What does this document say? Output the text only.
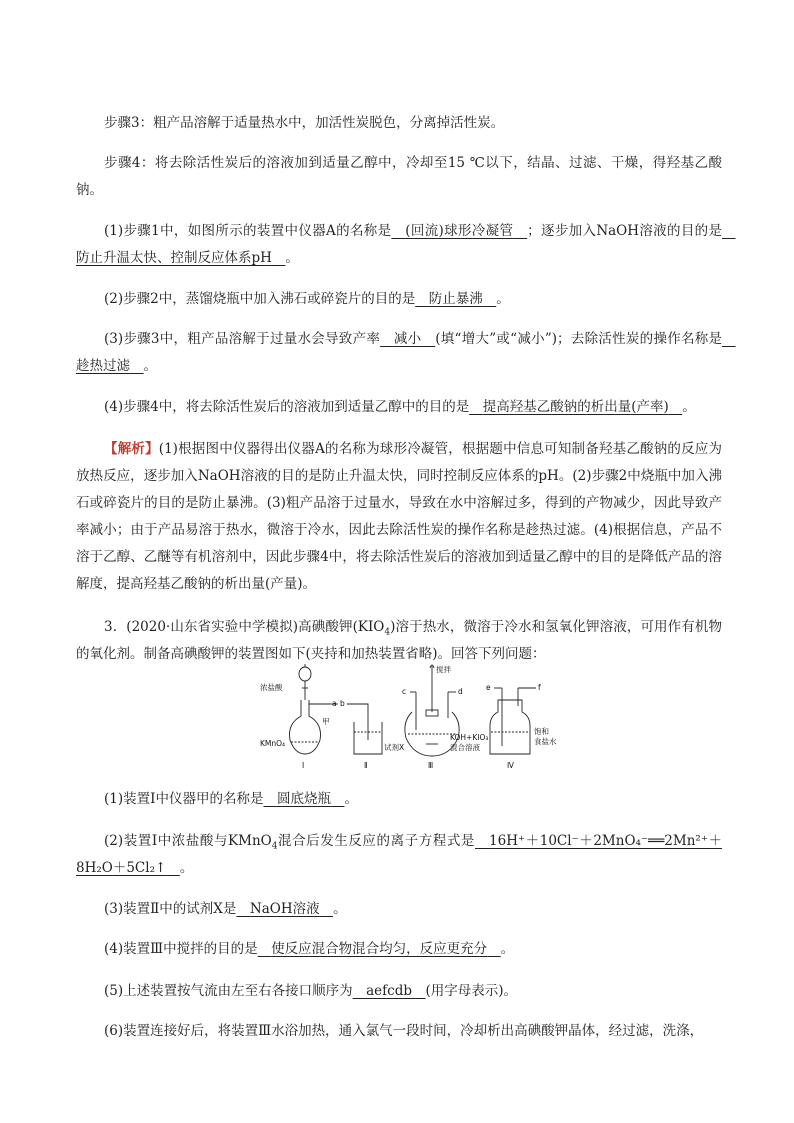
步骤3：粗产品溶解于适量热水中，加活性炭脱色，分离掉活性炭。

步骤4：将去除活性炭后的溶液加到适量乙醇中，冷却至15 ℃以下，结晶、过滤、干燥，得羟基乙酸钠。

(1)步骤1中，如图所示的装置中仪器A的名称是　 (回流)球形冷凝管　 ；逐步加入NaOH溶液的目的是　防止升温太快、控制反应体系pH　 。

(2)步骤2中，蒸馏烧瓶中加入沸石或碎瓷片的目的是　 防止暴沸　 。

(3)步骤3中，粗产品溶解于过量水会导致产率　 减小　 (填“增大”或“减小”)；去除活性炭的操作名称是　趁热过滤　 。

(4)步骤4中，将去除活性炭后的溶液加到适量乙醇中的目的是　 提高羟基乙酸钠的析出量(产率)　 。

【解析】(1)根据图中仪器得出仪器A的名称为球形冷凝管，根据题中信息可知制备羟基乙酸钠的反应为放热反应，逐步加入NaOH溶液的目的是防止升温太快，同时控制反应体系的pH。(2)步骤2中烧瓶中加入沸石或碎瓷片的目的是防止暴沸。(3)粗产品溶于过量水，导致在水中溶解过多，得到的产物减少，因此导致产率减小；由于产品易溶于热水，微溶于冷水，因此去除活性炭的操作名称是趁热过滤。(4)根据信息，产品不溶于乙醇、乙醚等有机溶剂中，因此步骤4中，将去除活性炭后的溶液加到适量乙醇中的目的是降低产品的溶解度，提高羟基乙酸钠的析出量(产量)。

3．(2020·山东省实验中学模拟)高碘酸钾$(KIO_4)$溶于热水，微溶于冷水和氢氧化钾溶液，可用作有机物的氧化剂。制备高碘酸钾的装置图如下(夹持和加热装置省略)。回答下列问题：

浓盐酸
KMnO₄
甲
a b
试剂X
c	d
搅拌
KOH+KIO₃
混合溶液
e	f
饱和
食盐水
Ⅰ	Ⅱ	Ⅲ	Ⅳ

(1)装置Ⅰ中仪器甲的名称是　 圆底烧瓶　 。

(2)装置Ⅰ中浓盐酸与KMnO$_4$混合后发生反应的离子方程式是　 16H⁺＋10Cl⁻＋2MnO₄⁻══2Mn²⁺＋8H₂O＋5Cl₂↑　 。

(3)装置Ⅱ中的试剂X是　 NaOH溶液　 。

(4)装置Ⅲ中搅拌的目的是　 使反应混合物混合均匀，反应更充分　 。

(5)上述装置按气流由左至右各接口顺序为　 aefcdb　 (用字母表示)。

(6)装置连接好后，将装置Ⅲ水浴加热，通入氯气一段时间，冷却析出高碘酸钾晶体，经过滤，洗涤，
